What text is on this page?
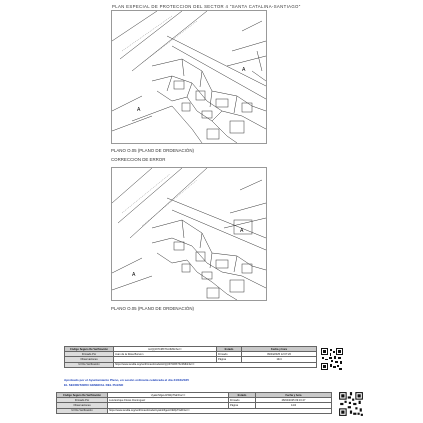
PLAN ESPECIAL DE PROTECCION DEL SECTOR 4 "SANTA CATALINA-SANTIAGO"
A
A
PLANO O.05 (PLANO DE ORDENACIÓN)
CORRECCION DE ERROR
A
A
PLANO O.05 (PLANO DE ORDENACIÓN)
Código Seguro De Verificación	Hz/jQz97Cl8X7Kc3Mbl/Jw==	Estado	Fecha y hora
Firmado Por	Juan de la Rosa Borsom	Firmado	09/04/2025 12:07:26
Observaciones		Página	14/4
Url De Verificación	https://www.sevilla.org/verifirmav2/code/Hz/jQz97Cl8X7Kc3Mbl/Jw==		
Aprobado por el Ayuntamiento Pleno, en sesión ordinaria celebrada el día 24/04/2025
EL SECRETARIO GENERAL DEL PLENO
Código Seguro De Verificación	UyaknNfgeL0r9WpTfaFFtw==	Estado	Fecha y hora
Firmado Por	Luis Enrique Flores Domínguez	Firmado	28/04/2025 09:16:47
Observaciones		Página	14/4
Url De Verificación	https://www.sevilla.org/verifirmav2/code/UyaknNfgeL0r9WpTfaFFtw==		
